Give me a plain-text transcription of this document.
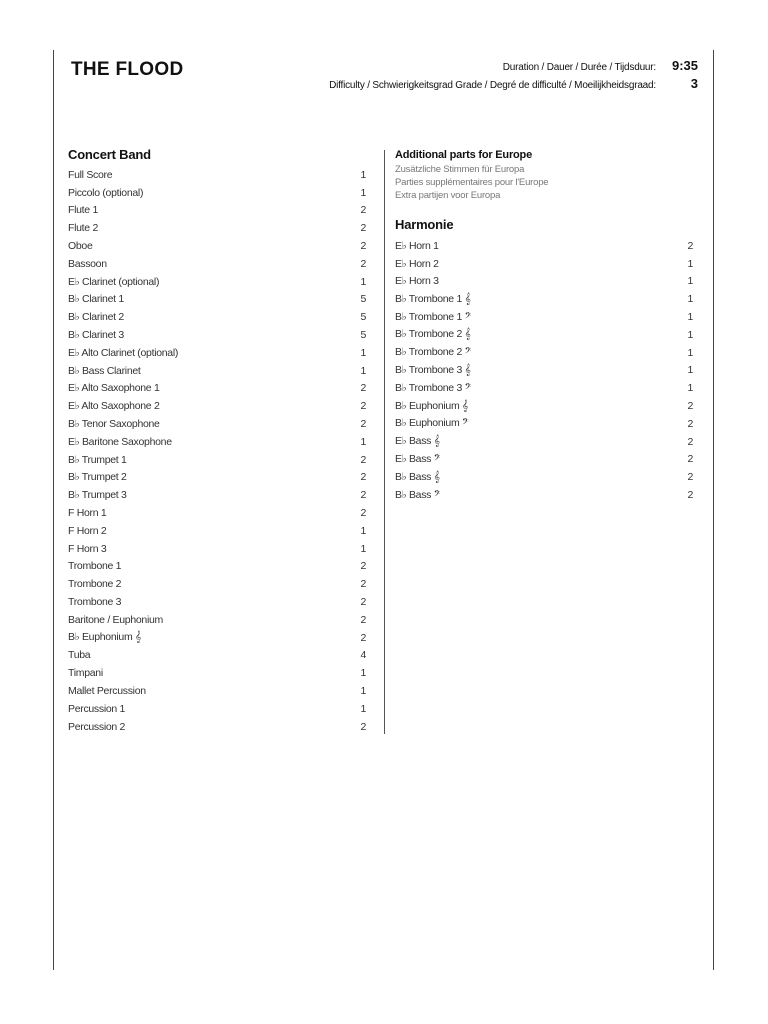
THE FLOOD	Duration / Dauer / Durée / Tijdsduur:	9:35
Difficulty / Schwierigkeitsgrad Grade / Degré de difficulté / Moeilijkheidsgraad:	3
Concert Band
Full Score	1
Piccolo (optional)	1
Flute 1	2
Flute 2	2
Oboe	2
Bassoon	2
E♭ Clarinet (optional)	1
B♭ Clarinet 1	5
B♭ Clarinet 2	5
B♭ Clarinet 3	5
E♭ Alto Clarinet (optional)	1
B♭ Bass Clarinet	1
E♭ Alto Saxophone 1	2
E♭ Alto Saxophone 2	2
B♭ Tenor Saxophone	2
E♭ Baritone Saxophone	1
B♭ Trumpet 1	2
B♭ Trumpet 2	2
B♭ Trumpet 3	2
F Horn 1	2
F Horn 2	1
F Horn 3	1
Trombone 1	2
Trombone 2	2
Trombone 3	2
Baritone / Euphonium	2
B♭ Euphonium 𝄞	2
Tuba	4
Timpani	1
Mallet Percussion	1
Percussion 1	1
Percussion 2	2
Additional parts for Europe
Zusätzliche Stimmen für Europa
Parties supplémentaires pour l'Europe
Extra partijen voor Europa
Harmonie
E♭ Horn 1	2
E♭ Horn 2	1
E♭ Horn 3	1
B♭ Trombone 1 𝄞	1
B♭ Trombone 1 𝄢	1
B♭ Trombone 2 𝄞	1
B♭ Trombone 2 𝄢	1
B♭ Trombone 3 𝄞	1
B♭ Trombone 3 𝄢	1
B♭ Euphonium 𝄞	2
B♭ Euphonium 𝄢	2
E♭ Bass 𝄞	2
E♭ Bass 𝄢	2
B♭ Bass 𝄞	2
B♭ Bass 𝄢	2
